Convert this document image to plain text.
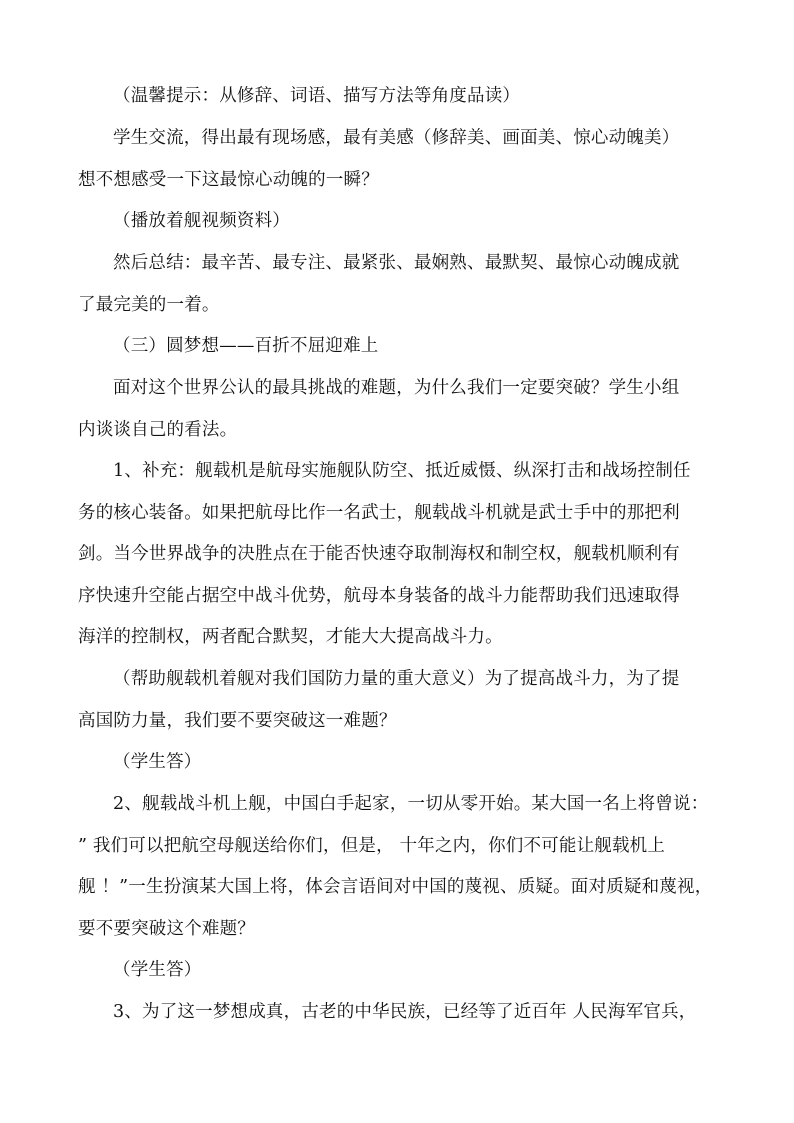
（温馨提示：从修辞、词语、描写方法等角度品读）
学生交流，得出最有现场感，最有美感（修辞美、画面美、惊心动魄美）
想不想感受一下这最惊心动魄的一瞬？
（播放着舰视频资料）
然后总结：最辛苦、最专注、最紧张、最娴熟、最默契、最惊心动魄成就
了最完美的一着。
（三）圆梦想——百折不屈迎难上
面对这个世界公认的最具挑战的难题，为什么我们一定要突破？学生小组
内谈谈自己的看法。
1、补充：舰载机是航母实施舰队防空、抵近威慑、纵深打击和战场控制任
务的核心装备。如果把航母比作一名武士，舰载战斗机就是武士手中的那把利
剑。当今世界战争的决胜点在于能否快速夺取制海权和制空权，舰载机顺利有
序快速升空能占据空中战斗优势，航母本身装备的战斗力能帮助我们迅速取得
海洋的控制权，两者配合默契，才能大大提高战斗力。
（帮助舰载机着舰对我们国防力量的重大意义）为了提高战斗力，为了提
高国防力量，我们要不要突破这一难题？
（学生答）
2、舰载战斗机上舰，中国白手起家，一切从零开始。某大国一名上将曾说：
” 我们可以把航空母舰送给你们，但是， 十年之内，你们不可能让舰载机上
舰 ！”一生扮演某大国上将，体会言语间对中国的蔑视、质疑。面对质疑和蔑视，
要不要突破这个难题？
（学生答）
3、为了这一梦想成真，古老的中华民族，已经等了近百年 人民海军官兵，
